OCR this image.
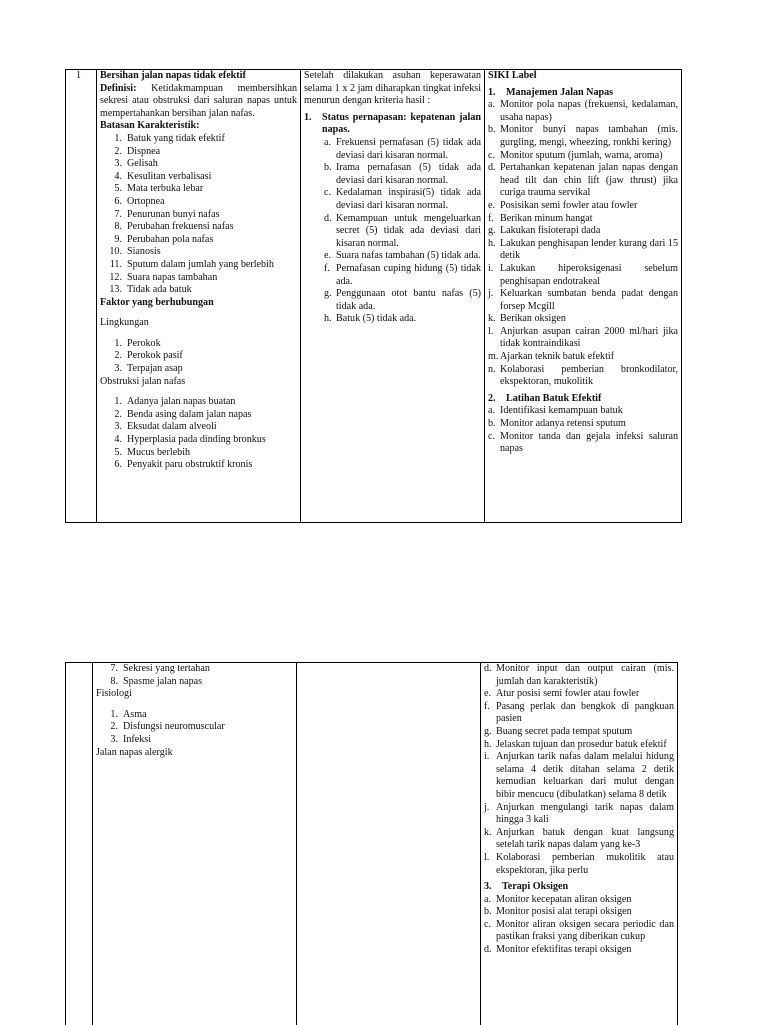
1	Bersihan jalan napas tidak efektif
Definisi: Ketidakmampuan membersihkan sekresi atau obstruksi dari saluran napas untuk mempertahankan bersihan jalan nafas.
Batasan Karakteristik:
1. Batuk yang tidak efektif
2. Dispnea
3. Gelisah
4. Kesulitan verbalisasi
5. Mata terbuka lebar
6. Ortopnea
7. Penurunan bunyi nafas
8. Perubahan frekuensi nafas
9. Perubahan pola nafas
10. Sianosis
11. Sputum dalam jumlah yang berlebih
12. Suara napas tambahan
13. Tidak ada batuk
Faktor yang berhubungan
Lingkungan
1. Perokok
2. Perokok pasif
3. Terpajan asap
Obstruksi jalan nafas
1. Adanya jalan napas buatan
2. Benda asing dalam jalan napas
3. Eksudat dalam alveoli
4. Hyperplasia pada dinding bronkus
5. Mucus berlebih
6. Penyakit paru obstruktif kronis

Setelah dilakukan asuhan keperawatan selama 1 x 2 jam diharapkan tingkat infeksi menurun dengan kriteria hasil :
1.	Status pernapasan: kepatenan jalan napas.
a. Frekuensi pernafasan (5) tidak ada deviasi dari kisaran normal.
b. Irama pernafasan (5) tidak ada deviasi dari kisaran normal.
c. Kedalaman inspirasi(5) tidak ada deviasi dari kisaran normal.
d. Kemampuan untuk mengeluarkan secret (5) tidak ada deviasi dari kisaran normal.
e. Suara nafas tambahan (5) tidak ada.
f. Pernafasan cuping hidung (5) tidak ada.
g. Penggunaan otot bantu nafas (5) tidak ada.
h. Batuk (5) tidak ada.

SIKI Label
1.	Manajemen Jalan Napas
a. Monitor pola napas (frekuensi, kedalaman, usaha napas)
b. Monitor bunyi napas tambahan (mis. gurgling, mengi, wheezing, ronkhi kering)
c. Monitor sputum (jumlah, warna, aroma)
d. Pertahankan kepatenan jalan napas dengan head tilt dan chin lift (jaw thrust) jika curiga trauma servikal
e. Posisikan semi fowler atau fowler
f. Berikan minum hangat
g. Lakukan fisioterapi dada
h. Lakukan penghisapan lender kurang dari 15 detik
i. Lakukan hiperoksigenasi sebelum penghisapan endotrakeal
j. Keluarkan sumbatan benda padat dengan forsep Mcgill
k. Berikan oksigen
l. Anjurkan asupan cairan 2000 ml/hari jika tidak kontraindikasi
m. Ajarkan teknik batuk efektif
n. Kolaborasi pemberian bronkodilator, ekspektoran, mukolitik
2.	Latihan Batuk Efektif
a. Identifikasi kemampuan batuk
b. Monitor adanya retensi sputum
c. Monitor tanda dan gejala infeksi saluran napas

7. Sekresi yang tertahan
8. Spasme jalan napas
Fisiologi
1. Asma
2. Disfungsi neuromuscular
3. Infeksi
Jalan napas alergik

d. Monitor input dan output cairan (mis. jumlah dan karakteristik)
e. Atur posisi semi fowler atau fowler
f. Pasang perlak dan bengkok di pangkuan pasien
g. Buang secret pada tempat sputum
h. Jelaskan tujuan dan prosedur batuk efektif
i. Anjurkan tarik nafas dalam melalui hidung selama 4 detik ditahan selama 2 detik kemudian keluarkan dari mulut dengan bibir mencucu (dibulatkan) selama 8 detik
j. Anjurkan mengulangi tarik napas dalam hingga 3 kali
k. Anjurkan batuk dengan kuat langsung setelah tarik napas dalam yang ke-3
l. Kolaborasi pemberian mukolitik atau ekspektoran, jika perlu
3.	Terapi Oksigen
a. Monitor kecepatan aliran oksigen
b. Monitor posisi alat terapi oksigen
c. Monitor aliran oksigen secara periodic dan pastikan fraksi yang diberikan cukup
d. Monitor efektifitas terapi oksigen
